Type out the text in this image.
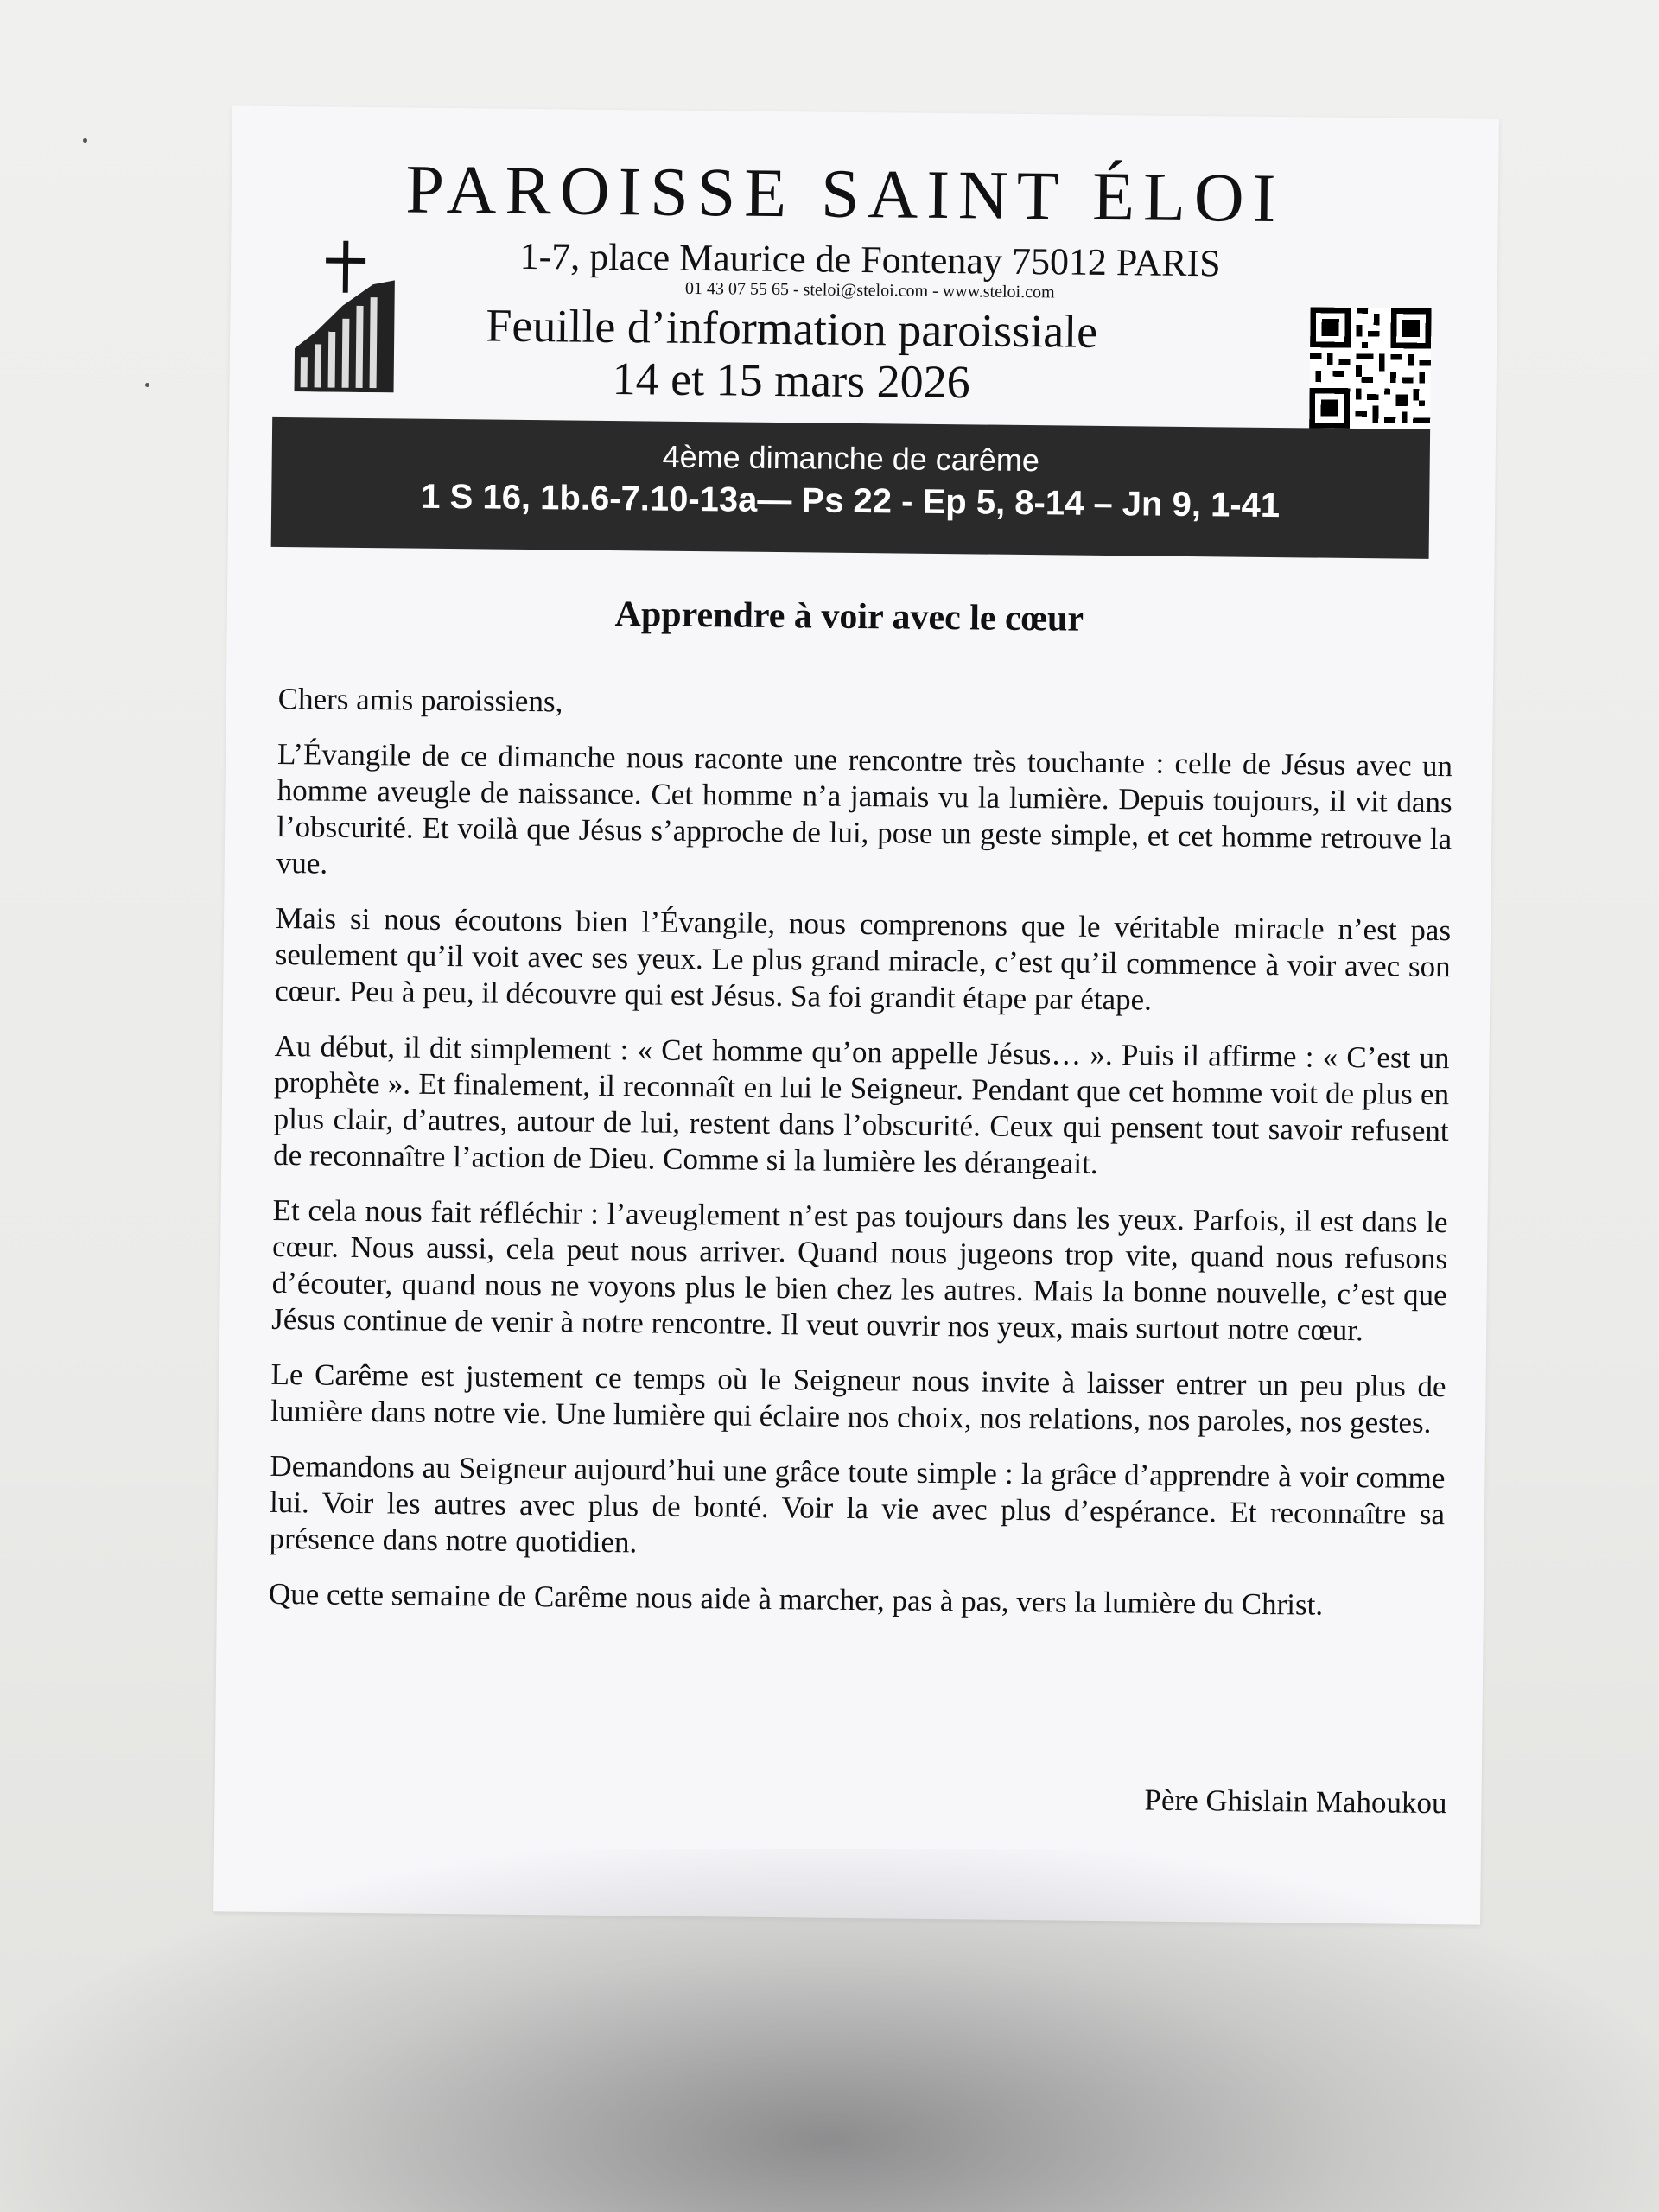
PAROISSE SAINT ÉLOI
1-7, place Maurice de Fontenay 75012 PARIS
01 43 07 55 65 - steloi@steloi.com - www.steloi.com
Feuille d’information paroissiale
14 et 15 mars 2026
4ème dimanche de carême
1 S 16, 1b.6-7.10-13a— Ps 22 - Ep 5, 8-14 – Jn 9, 1-41
Apprendre à voir avec le cœur

Chers amis paroissiens,

L’Évangile de ce dimanche nous raconte une rencontre très touchante : celle de Jésus avec un homme aveugle de naissance. Cet homme n’a jamais vu la lumière. Depuis toujours, il vit dans l’obscurité. Et voilà que Jésus s’approche de lui, pose un geste simple, et cet homme retrouve la vue.

Mais si nous écoutons bien l’Évangile, nous comprenons que le véritable miracle n’est pas seulement qu’il voit avec ses yeux. Le plus grand miracle, c’est qu’il commence à voir avec son cœur. Peu à peu, il découvre qui est Jésus. Sa foi grandit étape par étape.

Au début, il dit simplement : « Cet homme qu’on appelle Jésus… ». Puis il affirme : « C’est un prophète ». Et finalement, il reconnaît en lui le Seigneur. Pendant que cet homme voit de plus en plus clair, d’autres, autour de lui, restent dans l’obscurité. Ceux qui pensent tout savoir refusent de reconnaître l’action de Dieu. Comme si la lumière les dérangeait.

Et cela nous fait réfléchir : l’aveuglement n’est pas toujours dans les yeux. Parfois, il est dans le cœur. Nous aussi, cela peut nous arriver. Quand nous jugeons trop vite, quand nous refusons d’écouter, quand nous ne voyons plus le bien chez les autres. Mais la bonne nouvelle, c’est que Jésus continue de venir à notre rencontre. Il veut ouvrir nos yeux, mais surtout notre cœur.

Le Carême est justement ce temps où le Seigneur nous invite à laisser entrer un peu plus de lumière dans notre vie. Une lumière qui éclaire nos choix, nos relations, nos paroles, nos gestes.

Demandons au Seigneur aujourd’hui une grâce toute simple : la grâce d’apprendre à voir comme lui. Voir les autres avec plus de bonté. Voir la vie avec plus d’espérance. Et reconnaître sa présence dans notre quotidien.

Que cette semaine de Carême nous aide à marcher, pas à pas, vers la lumière du Christ.

Père Ghislain Mahoukou
